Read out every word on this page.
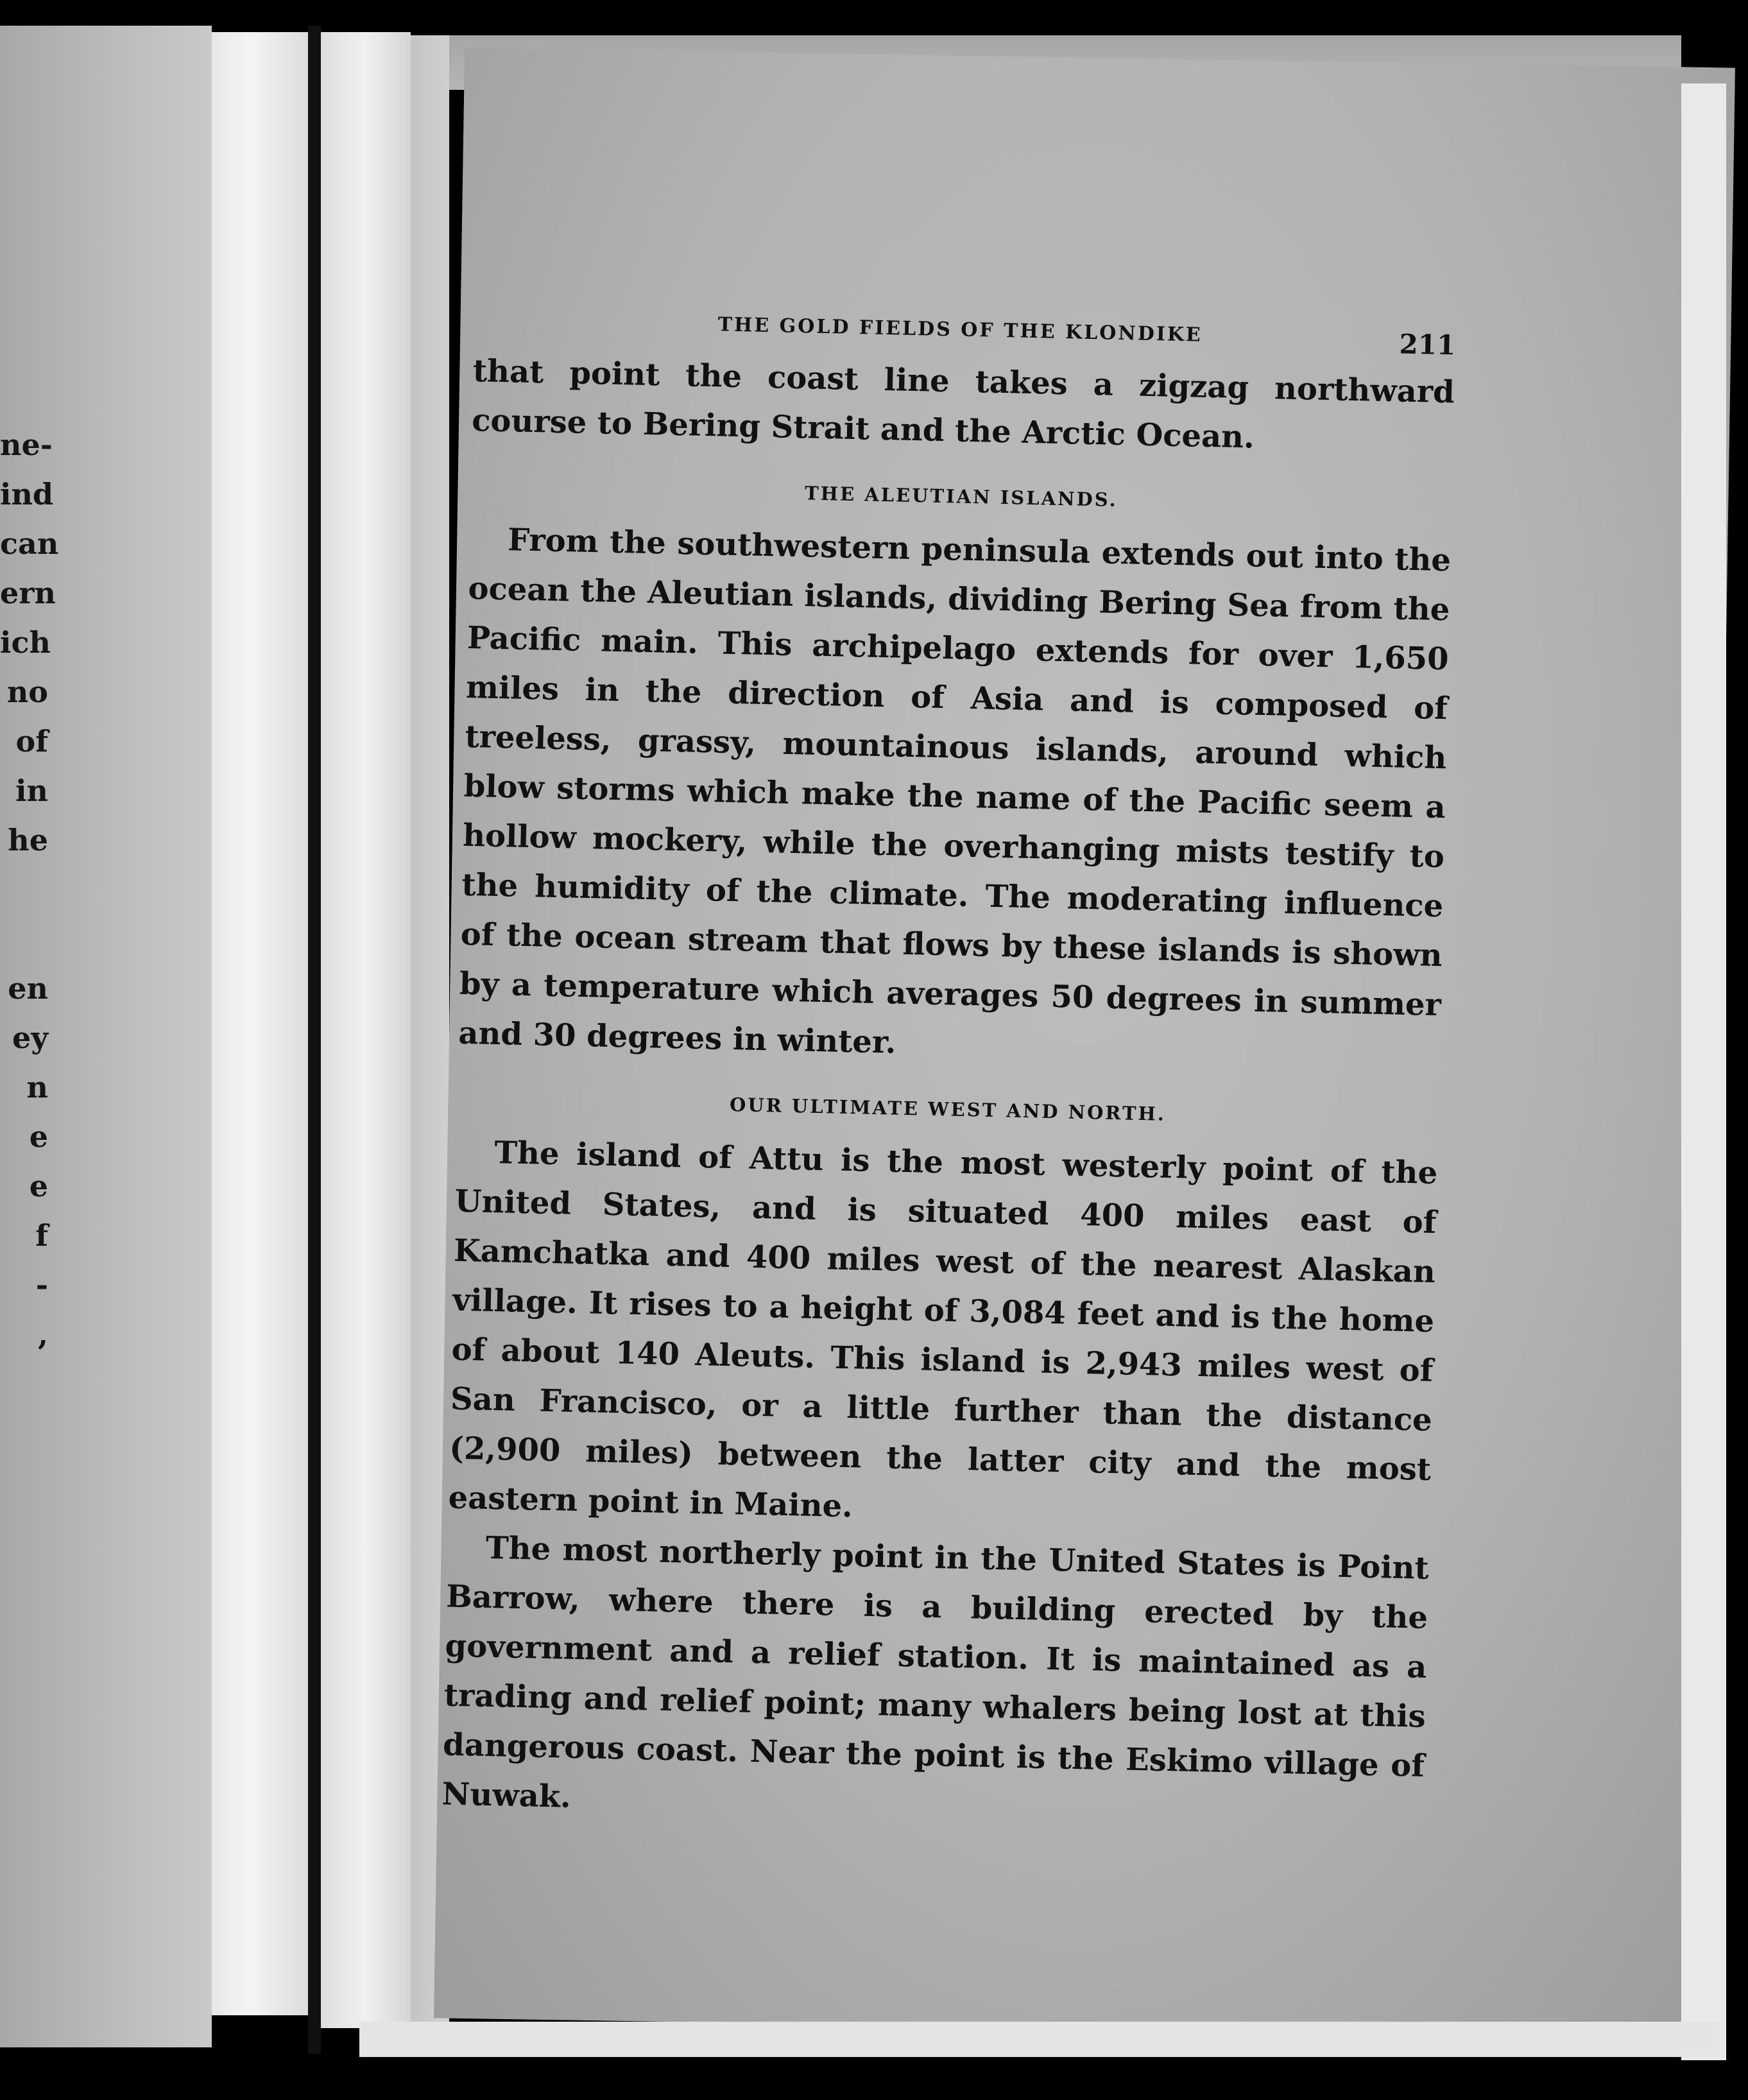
ne-
ind
can
ern
ich
no
of
in
he

en
ey
n
e
e
f
-
,
THE GOLD FIELDS OF THE KLONDIKE	211

that point the coast line takes a zigzag northward course to Bering Strait and the Arctic Ocean.

THE ALEUTIAN ISLANDS.

From the southwestern peninsula extends out into the ocean the Aleutian islands, dividing Bering Sea from the Pacific main. This archipelago extends for over 1,650 miles in the direction of Asia and is composed of treeless, grassy, mountainous islands, around which blow storms which make the name of the Pacific seem a hollow mockery, while the overhanging mists testify to the humidity of the climate. The moderating influence of the ocean stream that flows by these islands is shown by a temperature which averages 50 degrees in summer and 30 degrees in winter.

OUR ULTIMATE WEST AND NORTH.

The island of Attu is the most westerly point of the United States, and is situated 400 miles east of Kamchatka and 400 miles west of the nearest Alaskan village. It rises to a height of 3,084 feet and is the home of about 140 Aleuts. This island is 2,943 miles west of San Francisco, or a little further than the distance (2,900 miles) between the latter city and the most eastern point in Maine.

The most northerly point in the United States is Point Barrow, where there is a building erected by the government and a relief station. It is maintained as a trading and relief point; many whalers being lost at this dangerous coast. Near the point is the Eskimo village of Nuwak.
